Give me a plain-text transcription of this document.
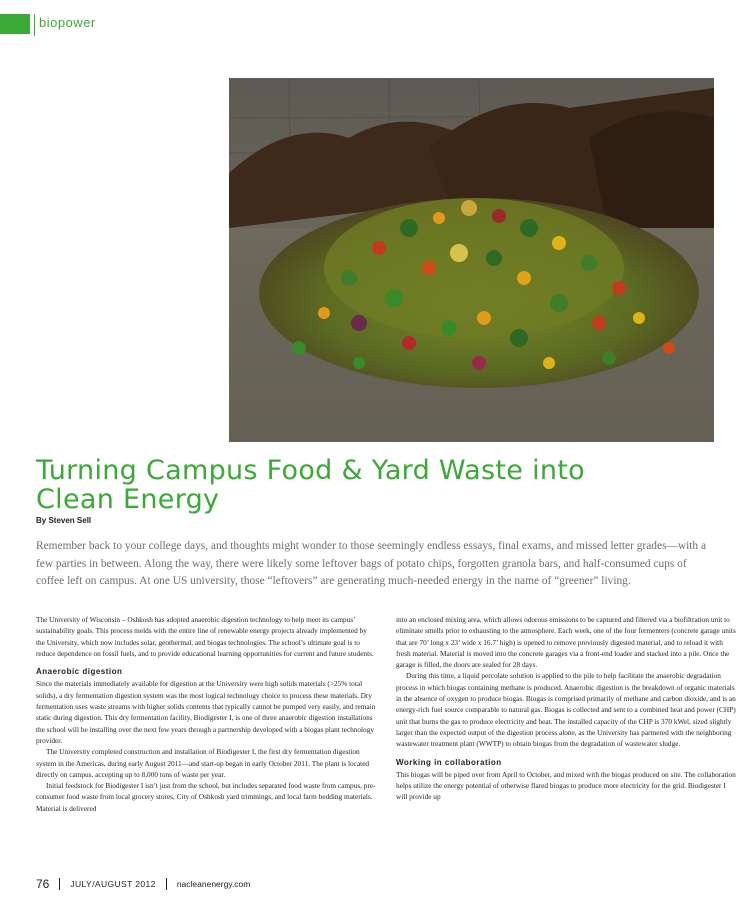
biopower
Turning Campus Food & Yard Waste into Clean Energy
By Steven Sell

Remember back to your college days, and thoughts might wonder to those seemingly endless essays, final exams, and missed letter grades—with a few parties in between. Along the way, there were likely some leftover bags of potato chips, forgotten granola bars, and half-consumed cups of coffee left on campus. At one US university, those “leftovers” are generating much-needed energy in the name of “greener” living.

The University of Wisconsin – Oshkosh has adopted anaerobic digestion technology to help meet its campus’ sustainability goals. This process melds with the entire line of renewable energy projects already implemented by the University, which now includes solar, geothermal, and biogas technologies. The school’s ultimate goal is to reduce dependence on fossil fuels, and to provide educational learning opportunities for current and future students.

Anaerobic digestion

Since the materials immediately available for digestion at the University were high solids materials (>25% total solids), a dry fermentation digestion system was the most logical technology choice to process these materials. Dry fermentation uses waste streams with higher solids contents that typically cannot be pumped very easily, and remain static during digestion. This dry fermentation facility, Biodigester I, is one of three anaerobic digestion installations the school will be installing over the next few years through a partnership developed with a biogas plant technology provider.

The University completed construction and installation of Biodigester I, the first dry fermentation digestion system in the Americas, during early August 2011—and start-up began in early October 2011. The plant is located directly on campus, accepting up to 8,000 tons of waste per year.

Initial feedstock for Biodigester I isn’t just from the school, but includes separated food waste from campus, pre-consumer food waste from local grocery stores, City of Oshkosh yard trimmings, and local farm bedding materials. Material is delivered

into an enclosed mixing area, which allows odorous emissions to be captured and filtered via a biofiltration unit to eliminate smells prior to exhausting to the atmosphere. Each week, one of the four fermenters (concrete garage units that are 70’ long x 23’ wide x 16.7’ high) is opened to remove previously digested material, and to reload it with fresh material. Material is moved into the concrete garages via a front-end loader and stacked into a pile. Once the garage is filled, the doors are sealed for 28 days.

During this time, a liquid percolate solution is applied to the pile to help facilitate the anaerobic degradation process in which biogas containing methane is produced. Anaerobic digestion is the breakdown of organic materials in the absence of oxygen to produce biogas. Biogas is comprised primarily of methane and carbon dioxide, and is an energy-rich fuel source comparable to natural gas. Biogas is collected and sent to a combined heat and power (CHP) unit that burns the gas to produce electricity and heat. The installed capacity of the CHP is 370 kWel, sized slightly larger than the expected output of the digestion process alone, as the University has partnered with the neighboring wastewater treatment plant (WWTP) to obtain biogas from the degradation of wastewater sludge.

Working in collaboration

This biogas will be piped over from April to October, and mixed with the biogas produced on site. The collaboration helps utilize the energy potential of otherwise flared biogas to produce more electricity for the grid. Biodigester I will provide up

76 JULY/AUGUST 2012 nacleanenergy.com
